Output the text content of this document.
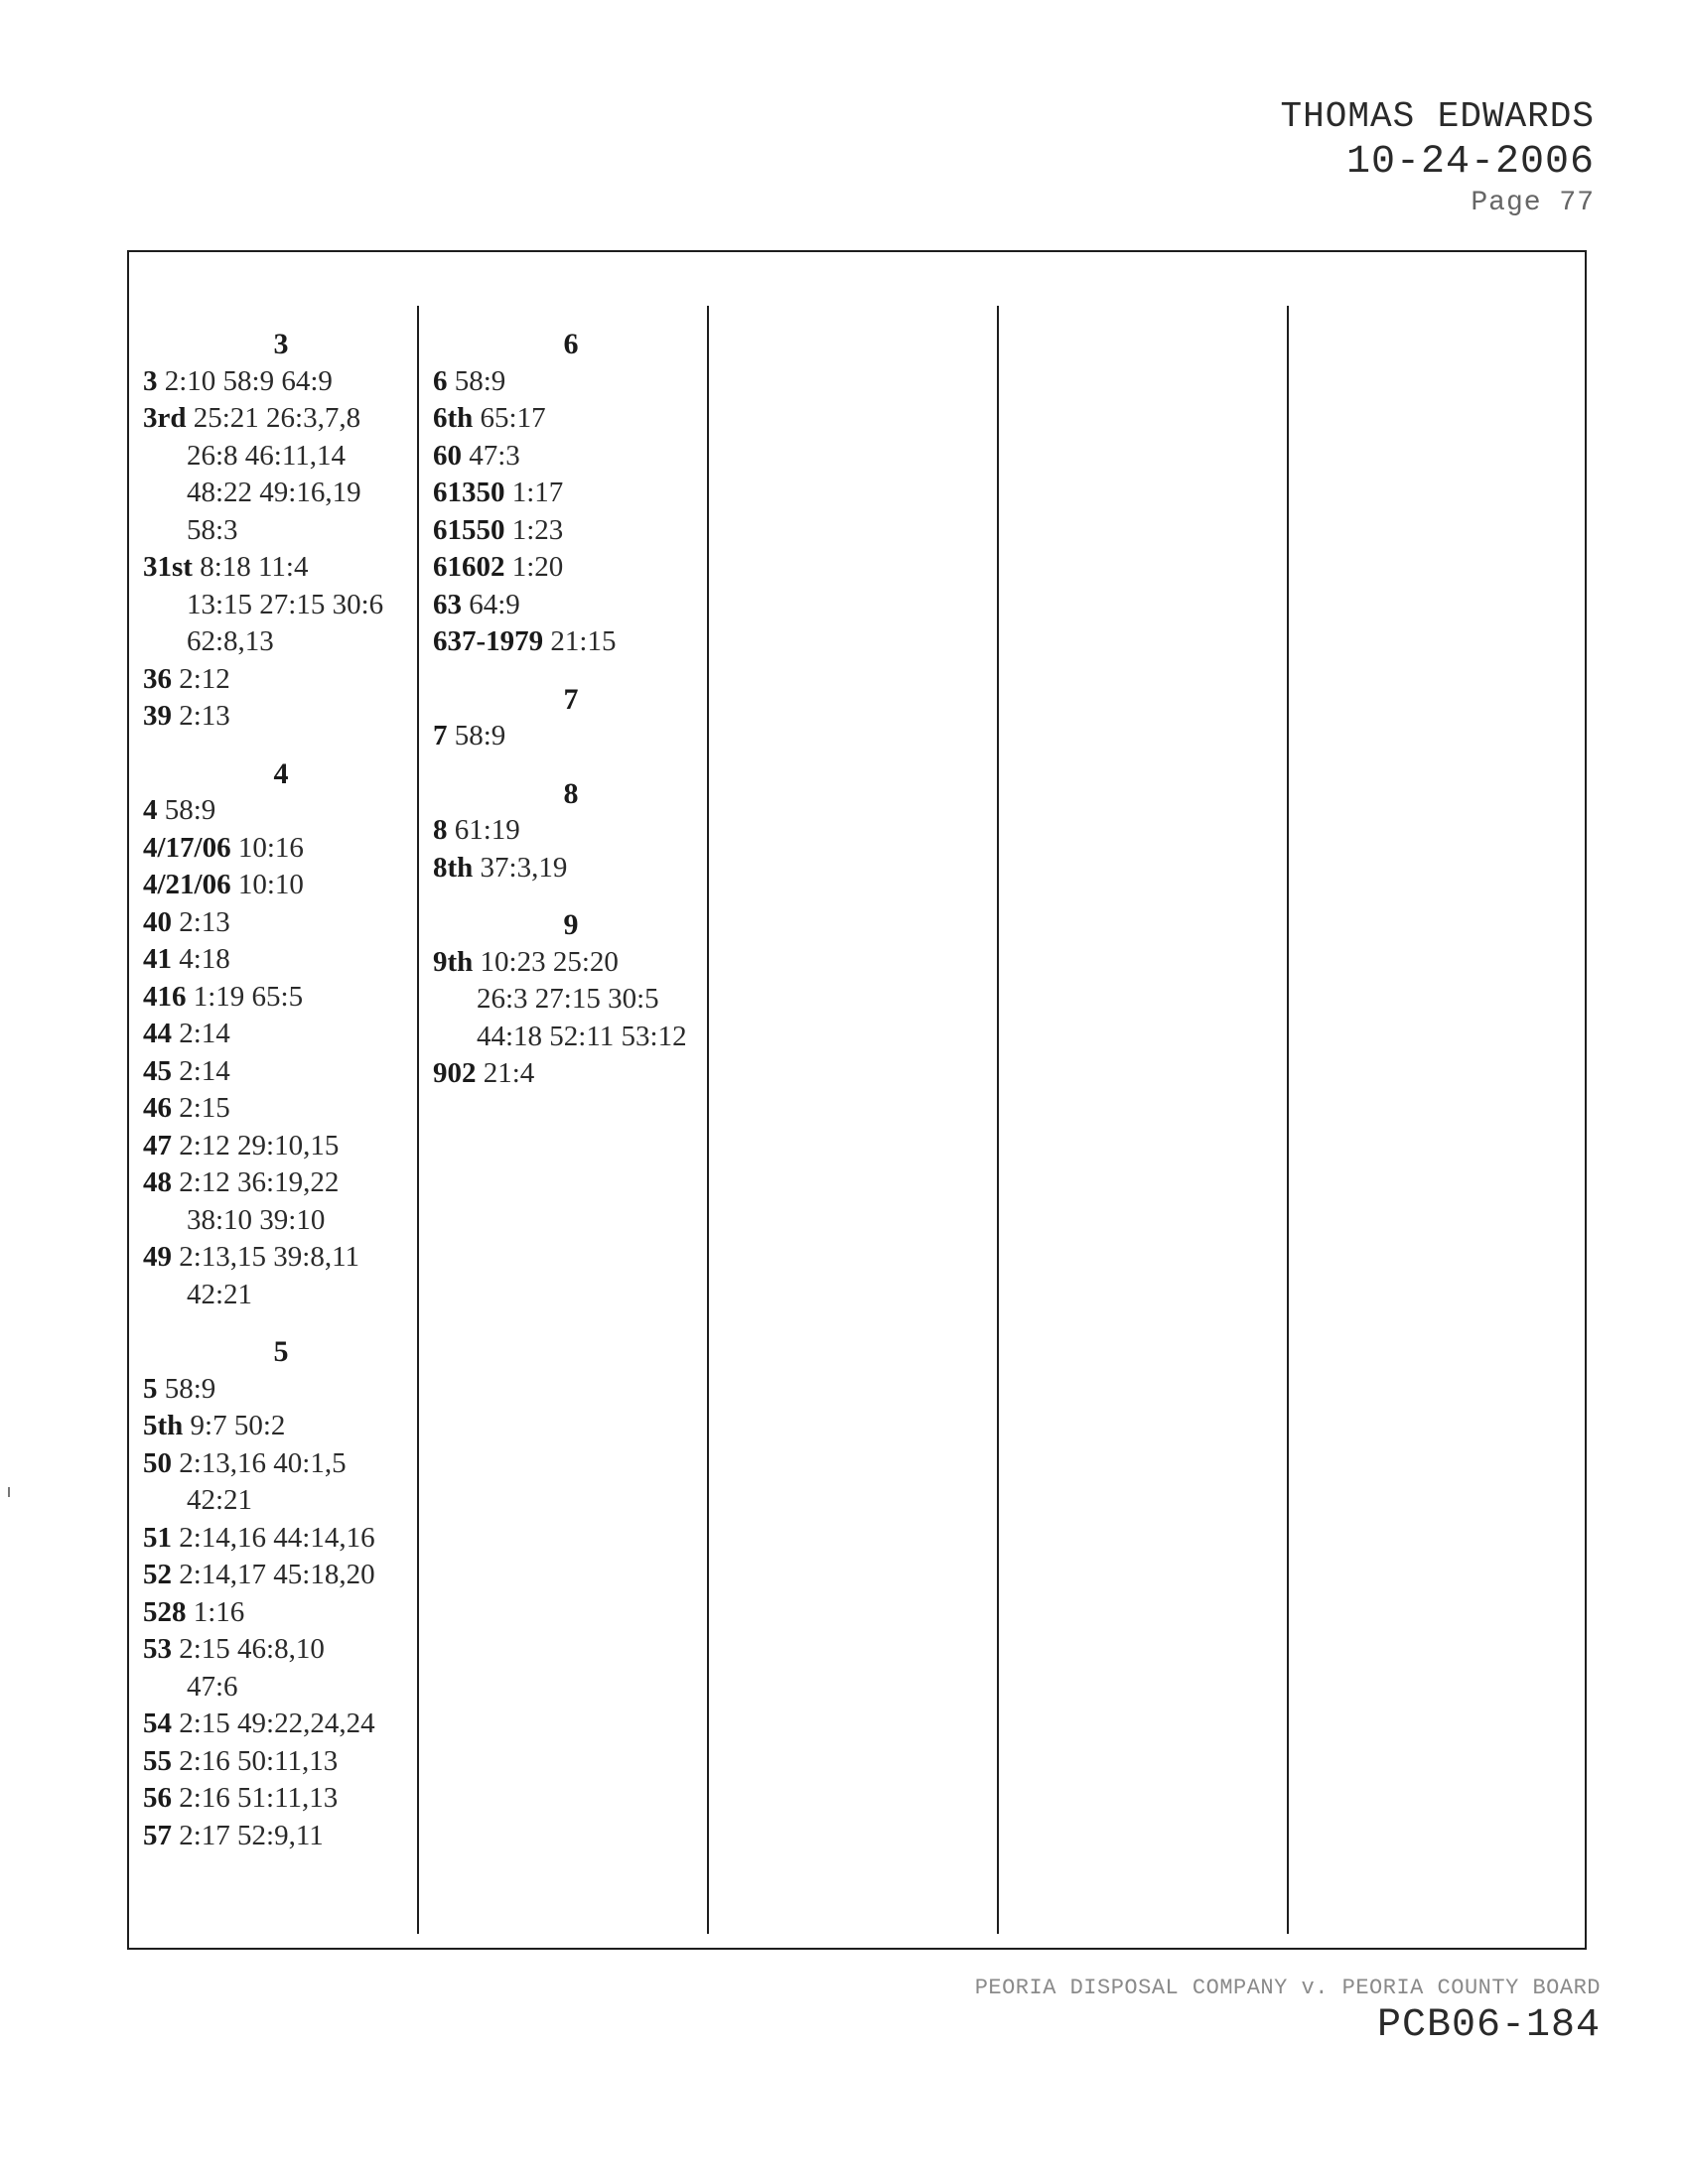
THOMAS EDWARDS
10-24-2006
Page 77
3
3 2:10 58:9 64:9
3rd 25:21 26:3,7,8
26:8 46:11,14
48:22 49:16,19
58:3
31st 8:18 11:4
13:15 27:15 30:6
62:8,13
36 2:12
39 2:13
4
4 58:9
4/17/06 10:16
4/21/06 10:10
40 2:13
41 4:18
416 1:19 65:5
44 2:14
45 2:14
46 2:15
47 2:12 29:10,15
48 2:12 36:19,22
38:10 39:10
49 2:13,15 39:8,11
42:21
5
5 58:9
5th 9:7 50:2
50 2:13,16 40:1,5
42:21
51 2:14,16 44:14,16
52 2:14,17 45:18,20
528 1:16
53 2:15 46:8,10
47:6
54 2:15 49:22,24,24
55 2:16 50:11,13
56 2:16 51:11,13
57 2:17 52:9,11
6
6 58:9
6th 65:17
60 47:3
61350 1:17
61550 1:23
61602 1:20
63 64:9
637-1979 21:15
7
7 58:9
8
8 61:19
8th 37:3,19
9
9th 10:23 25:20
26:3 27:15 30:5
44:18 52:11 53:12
902 21:4
PEORIA DISPOSAL COMPANY v. PEORIA COUNTY BOARD
PCB06-184
